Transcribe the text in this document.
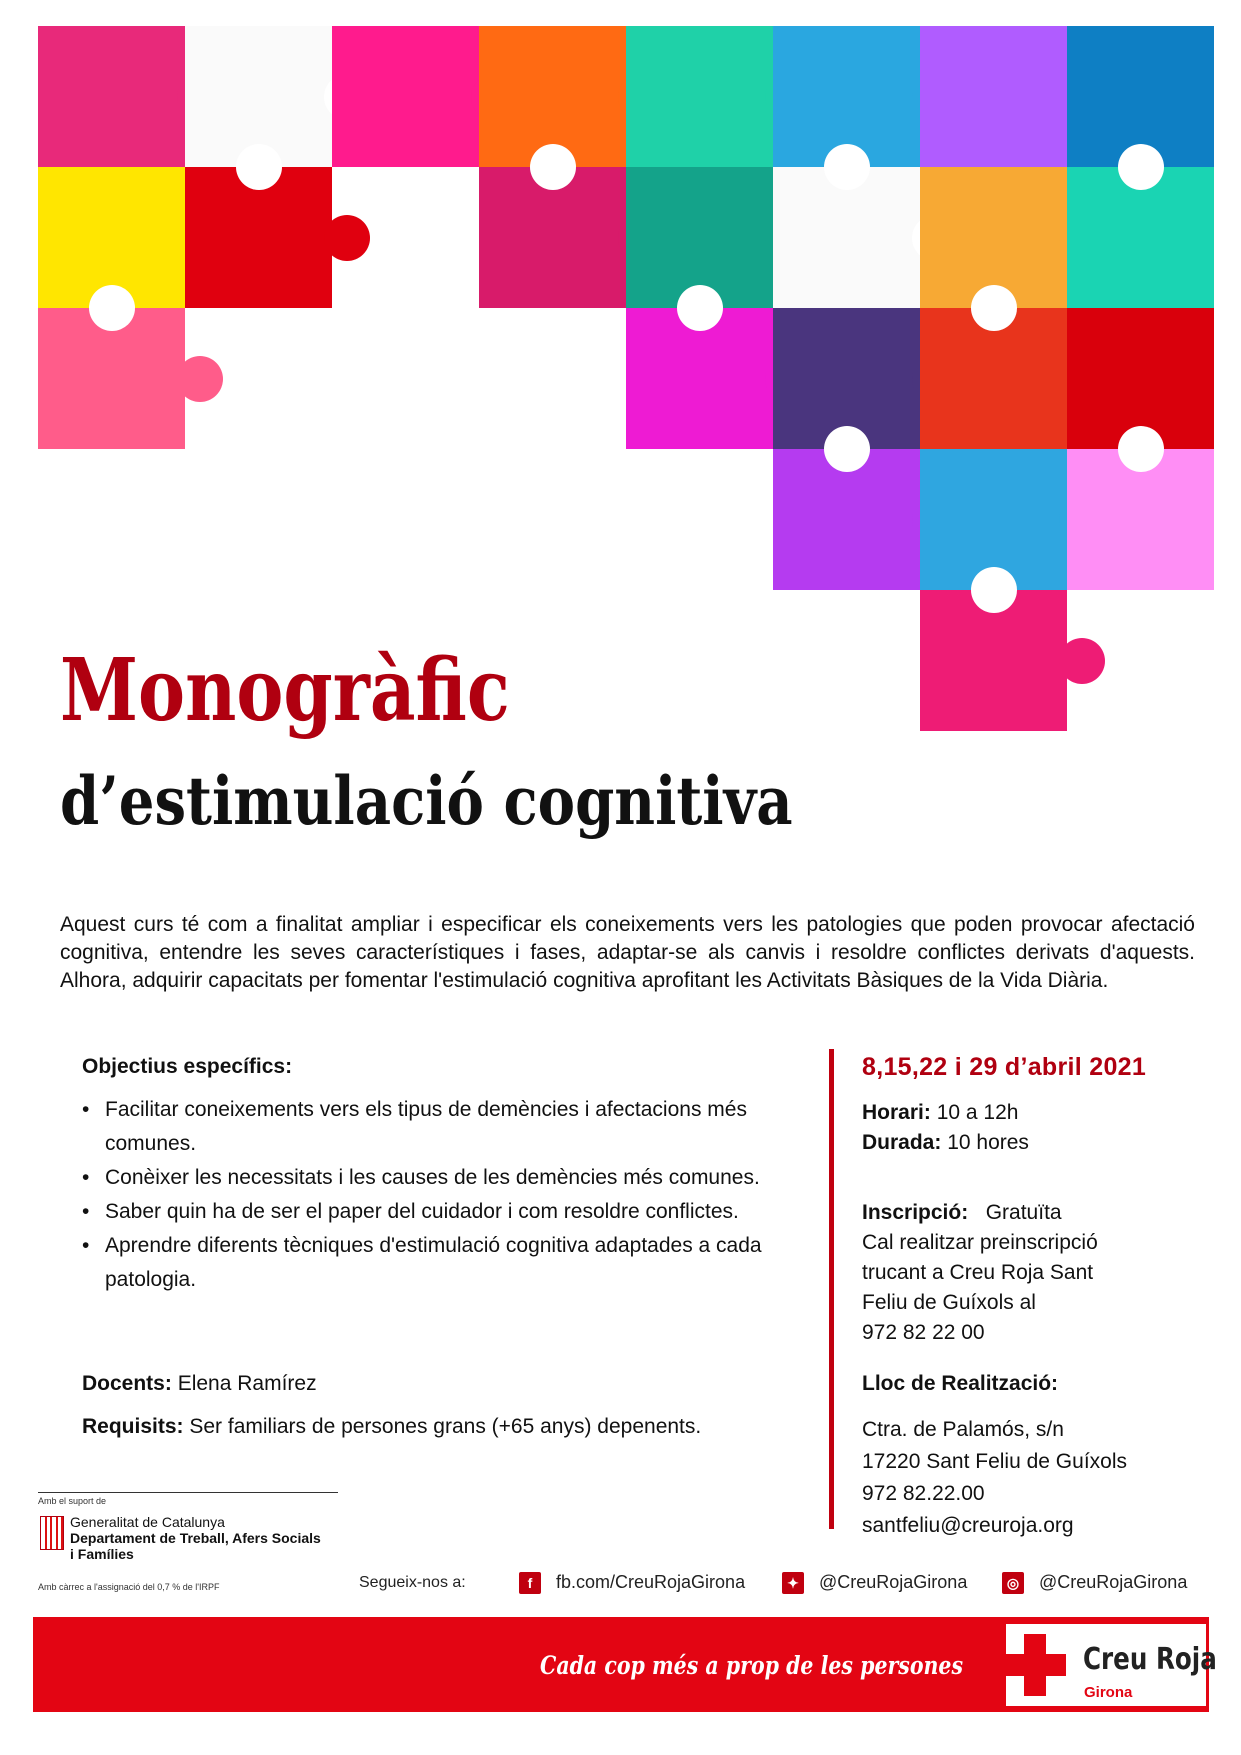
Monogràfic
d’estimulació cognitiva
Aquest curs té com a finalitat ampliar i especificar els coneixements vers les patologies que poden provocar afectació cognitiva, entendre les seves característiques i fases, adaptar-se als canvis i resoldre conflictes derivats d'aquests. Alhora, adquirir capacitats per fomentar l'estimulació cognitiva aprofitant les Activitats Bàsiques de la Vida Diària.
Objectius específics:
• Facilitar coneixements vers els tipus de demències i afectacions més comunes.
• Conèixer les necessitats i les causes de les demències més comunes.
• Saber quin ha de ser el paper del cuidador i com resoldre conflictes.
• Aprendre diferents tècniques d'estimulació cognitiva adaptades a cada patologia.
Docents: Elena Ramírez
Requisits: Ser familiars de persones grans (+65 anys) depenents.
8,15,22 i 29 d’abril 2021
Horari: 10 a 12h
Durada: 10 hores
Inscripció: Gratuïta
Cal realitzar preinscripció
trucant a Creu Roja Sant
Feliu de Guíxols al
972 82 22 00
Lloc de Realització:
Ctra. de Palamós, s/n
17220 Sant Feliu de Guíxols
972 82.22.00
santfeliu@creuroja.org
Amb el suport de
Generalitat de Catalunya
Departament de Treball, Afers Socials
i Famílies
Amb càrrec a l'assignació del 0,7 % de l'IRPF	Segueix-nos a:	f	fb.com/CreuRojaGirona	✦ @CreuRojaGirona	◎ @CreuRojaGirona
Cada cop més a prop de les persones	Creu Roja
Girona
